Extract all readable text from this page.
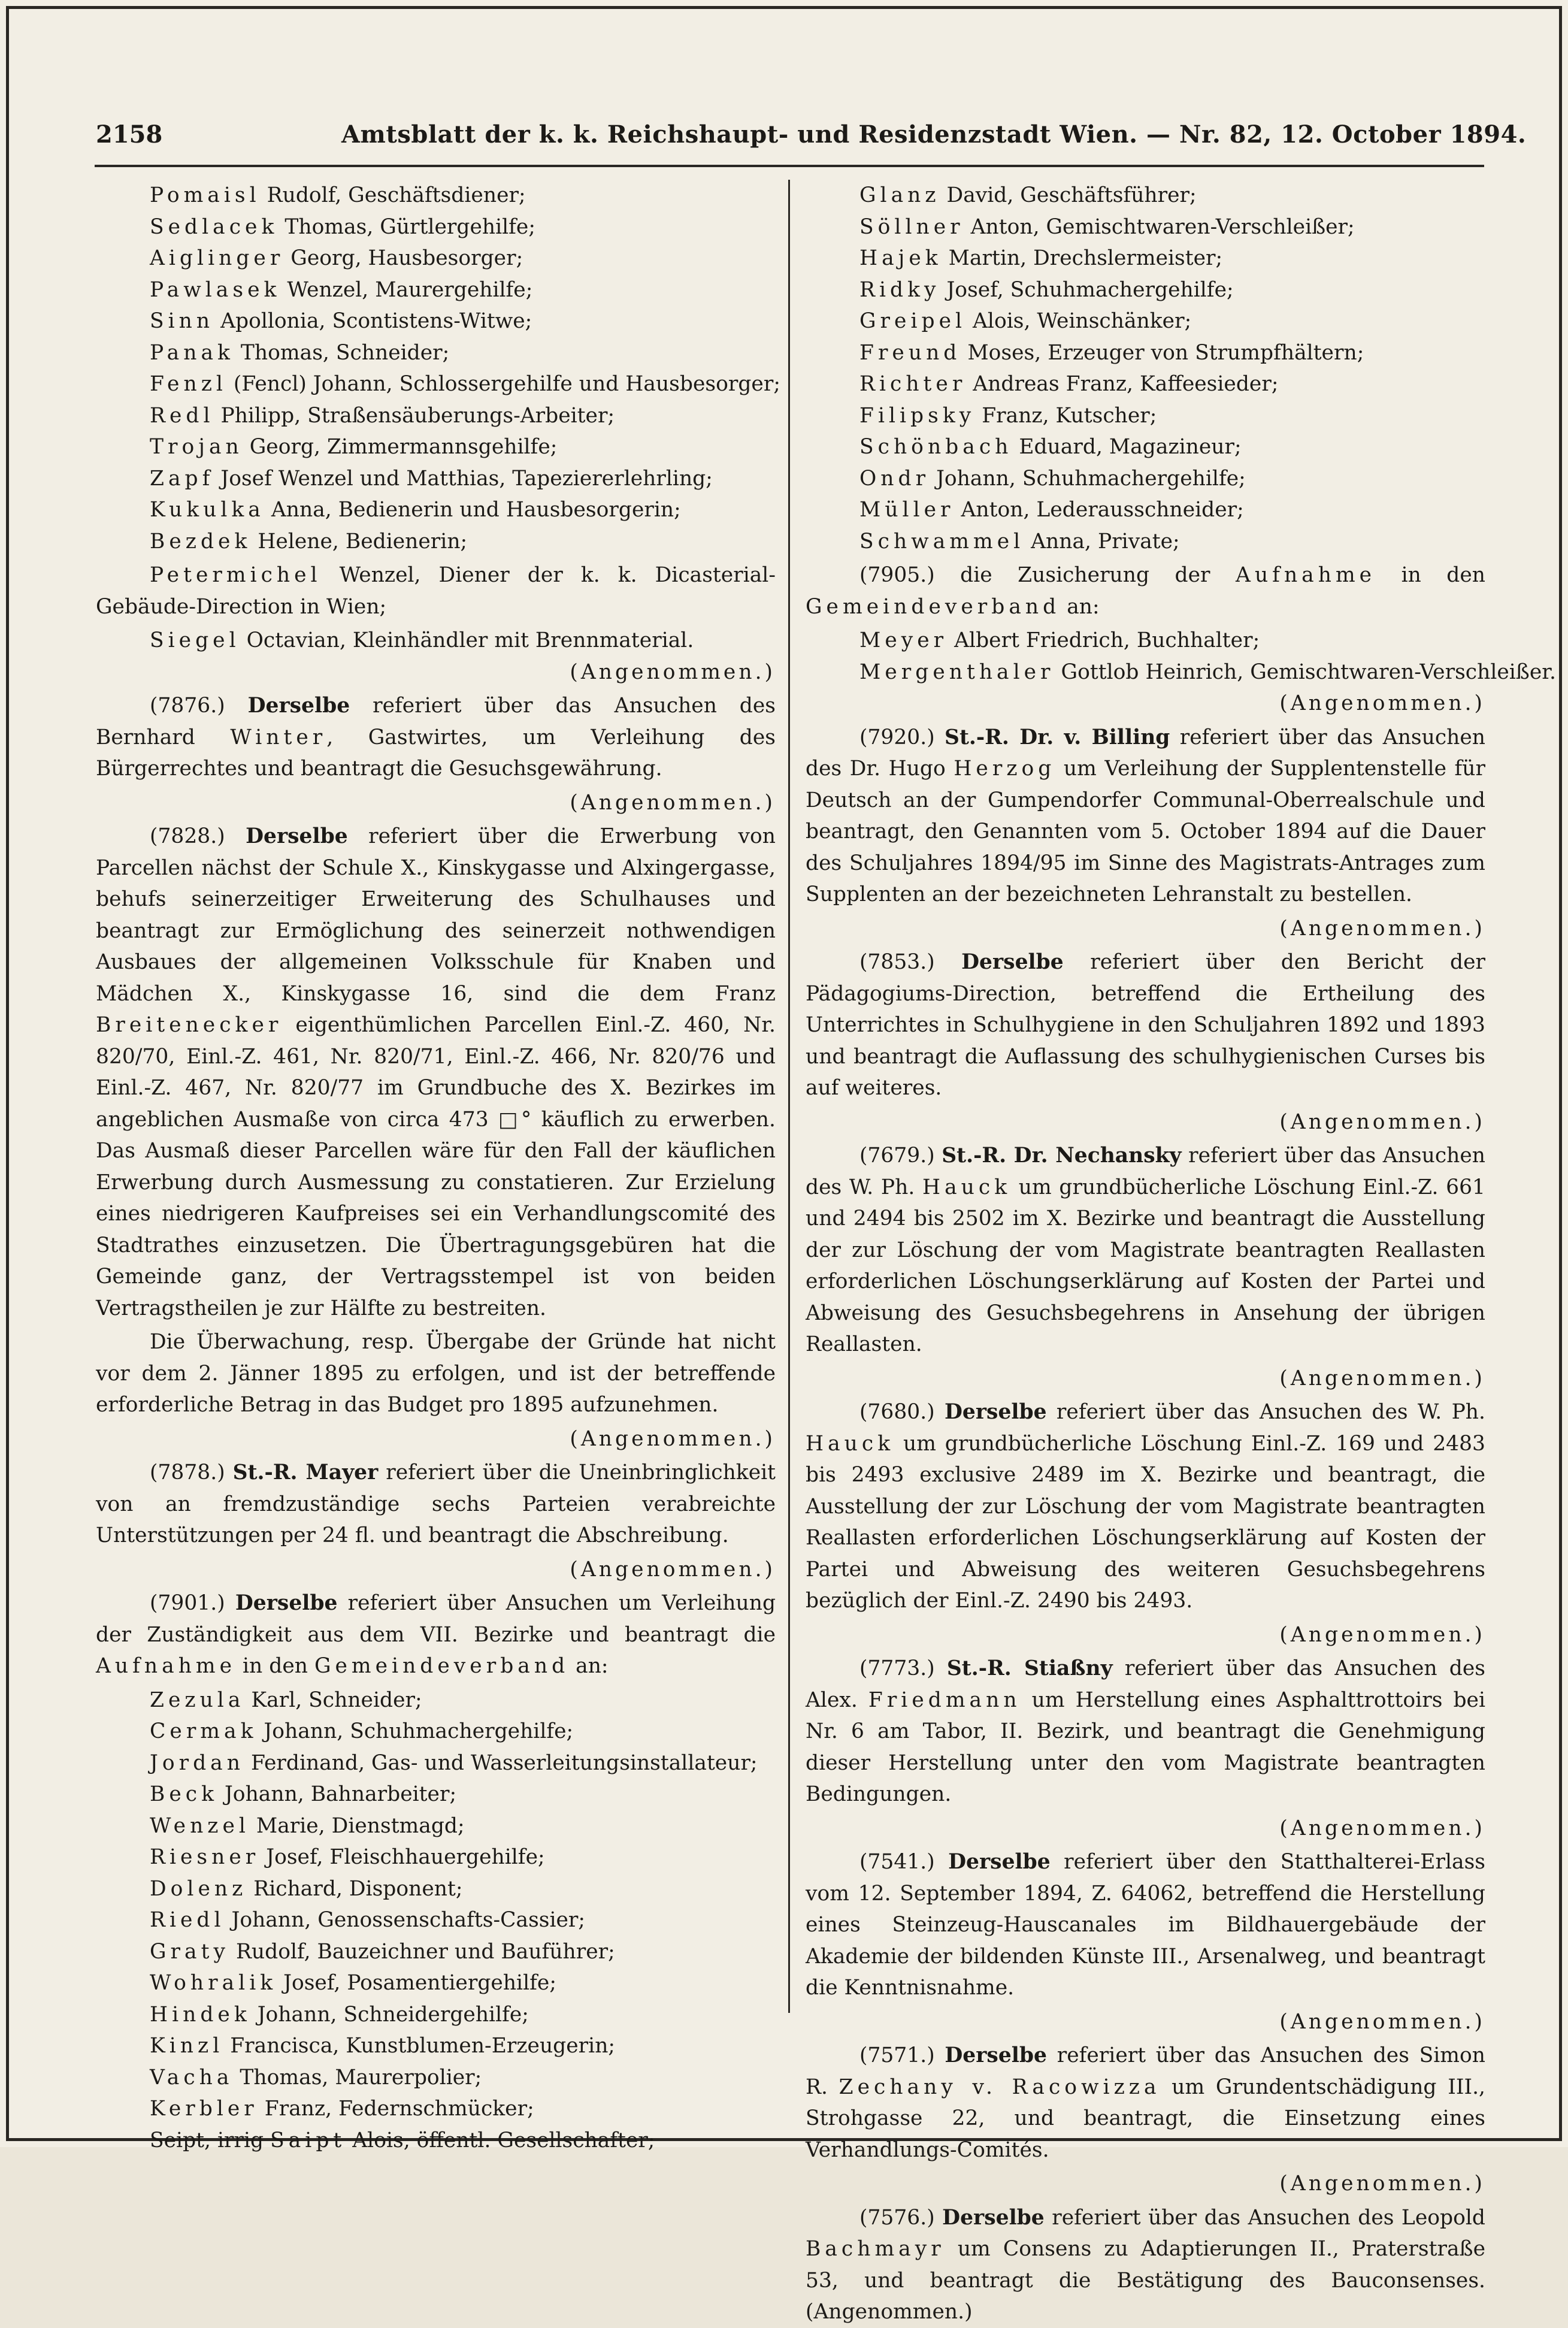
2158	Amtsblatt der k. k. Reichshaupt- und Residenzstadt Wien. — Nr. 82, 12. October 1894.
Pomaisl Rudolf, Geschäftsdiener;
Sedlacek Thomas, Gürtlergehilfe;
Aiglinger Georg, Hausbesorger;
Pawlasek Wenzel, Maurergehilfe;
Sinn Apollonia, Scontistens-Witwe;
Panak Thomas, Schneider;
Fenzl (Fencl) Johann, Schlossergehilfe und Hausbesorger;
Redl Philipp, Straßensäuberungs-Arbeiter;
Trojan Georg, Zimmermannsgehilfe;
Zapf Josef Wenzel und Matthias, Tapeziererlehrling;
Kukulka Anna, Bedienerin und Hausbesorgerin;
Bezdek Helene, Bedienerin;
Petermichel Wenzel, Diener der k. k. Dicasterial-Gebäude-Direction in Wien;
Siegel Octavian, Kleinhändler mit Brennmaterial.
(Angenommen.)
(7876.) Derselbe referiert über das Ansuchen des Bernhard Winter, Gastwirtes, um Verleihung des Bürgerrechtes und beantragt die Gesuchsgewährung.
(Angenommen.)
(7828.) Derselbe referiert über die Erwerbung von Parcellen nächst der Schule X., Kinskygasse und Alxingergasse, behufs seinerzeitiger Erweiterung des Schulhauses und beantragt zur Ermöglichung des seinerzeit nothwendigen Ausbaues der allgemeinen Volksschule für Knaben und Mädchen X., Kinskygasse 16, sind die dem Franz Breitenecker eigenthümlichen Parcellen Einl.-Z. 460, Nr. 820/70, Einl.-Z. 461, Nr. 820/71, Einl.-Z. 466, Nr. 820/76 und Einl.-Z. 467, Nr. 820/77 im Grundbuche des X. Bezirkes im angeblichen Ausmaße von circa 473 □° käuflich zu erwerben. Das Ausmaß dieser Parcellen wäre für den Fall der käuflichen Erwerbung durch Ausmessung zu constatieren. Zur Erzielung eines niedrigeren Kaufpreises sei ein Verhandlungscomité des Stadtrathes einzusetzen. Die Übertragungsgebüren hat die Gemeinde ganz, der Vertragsstempel ist von beiden Vertragstheilen je zur Hälfte zu bestreiten.
Die Überwachung, resp. Übergabe der Gründe hat nicht vor dem 2. Jänner 1895 zu erfolgen, und ist der betreffende erforderliche Betrag in das Budget pro 1895 aufzunehmen.
(Angenommen.)
(7878.) St.-R. Mayer referiert über die Uneinbringlichkeit von an fremdzuständige sechs Parteien verabreichte Unterstützungen per 24 fl. und beantragt die Abschreibung.
(Angenommen.)
(7901.) Derselbe referiert über Ansuchen um Verleihung der Zuständigkeit aus dem VII. Bezirke und beantragt die Aufnahme in den Gemeindeverband an:
Zezula Karl, Schneider;
Cermak Johann, Schuhmachergehilfe;
Jordan Ferdinand, Gas- und Wasserleitungsinstallateur;
Beck Johann, Bahnarbeiter;
Wenzel Marie, Dienstmagd;
Riesner Josef, Fleischhauergehilfe;
Dolenz Richard, Disponent;
Riedl Johann, Genossenschafts-Cassier;
Graty Rudolf, Bauzeichner und Bauführer;
Wohralik Josef, Posamentiergehilfe;
Hindek Johann, Schneidergehilfe;
Kinzl Francisca, Kunstblumen-Erzeugerin;
Vacha Thomas, Maurerpolier;
Kerbler Franz, Federnschmücker;
Seipt, irrig Saipt Alois, öffentl. Gesellschafter;
Glanz David, Geschäftsführer;
Söllner Anton, Gemischtwaren-Verschleißer;
Hajek Martin, Drechslermeister;
Ridky Josef, Schuhmachergehilfe;
Greipel Alois, Weinschänker;
Freund Moses, Erzeuger von Strumpfhältern;
Richter Andreas Franz, Kaffeesieder;
Filipsky Franz, Kutscher;
Schönbach Eduard, Magazineur;
Ondr Johann, Schuhmachergehilfe;
Müller Anton, Lederausschneider;
Schwammel Anna, Private;
(7905.) die Zusicherung der Aufnahme in den Gemeindeverband an:
Meyer Albert Friedrich, Buchhalter;
Mergenthaler Gottlob Heinrich, Gemischtwaren-Verschleißer.
(Angenommen.)
(7920.) St.-R. Dr. v. Billing referiert über das Ansuchen des Dr. Hugo Herzog um Verleihung der Supplentenstelle für Deutsch an der Gumpendorfer Communal-Oberrealschule und beantragt, den Genannten vom 5. October 1894 auf die Dauer des Schuljahres 1894/95 im Sinne des Magistrats-Antrages zum Supplenten an der bezeichneten Lehranstalt zu bestellen.
(Angenommen.)
(7853.) Derselbe referiert über den Bericht der Pädagogiums-Direction, betreffend die Ertheilung des Unterrichtes in Schulhygiene in den Schuljahren 1892 und 1893 und beantragt die Auflassung des schulhygienischen Curses bis auf weiteres.
(Angenommen.)
(7679.) St.-R. Dr. Nechansky referiert über das Ansuchen des W. Ph. Hauck um grundbücherliche Löschung Einl.-Z. 661 und 2494 bis 2502 im X. Bezirke und beantragt die Ausstellung der zur Löschung der vom Magistrate beantragten Reallasten erforderlichen Löschungserklärung auf Kosten der Partei und Abweisung des Gesuchsbegehrens in Ansehung der übrigen Reallasten.
(Angenommen.)
(7680.) Derselbe referiert über das Ansuchen des W. Ph. Hauck um grundbücherliche Löschung Einl.-Z. 169 und 2483 bis 2493 exclusive 2489 im X. Bezirke und beantragt, die Ausstellung der zur Löschung der vom Magistrate beantragten Reallasten erforderlichen Löschungserklärung auf Kosten der Partei und Abweisung des weiteren Gesuchsbegehrens bezüglich der Einl.-Z. 2490 bis 2493.
(Angenommen.)
(7773.) St.-R. Stiaßny referiert über das Ansuchen des Alex. Friedmann um Herstellung eines Asphalttrottoirs bei Nr. 6 am Tabor, II. Bezirk, und beantragt die Genehmigung dieser Herstellung unter den vom Magistrate beantragten Bedingungen.
(Angenommen.)
(7541.) Derselbe referiert über den Statthalterei-Erlass vom 12. September 1894, Z. 64062, betreffend die Herstellung eines Steinzeug-Hauscanales im Bildhauergebäude der Akademie der bildenden Künste III., Arsenalweg, und beantragt die Kenntnisnahme.
(Angenommen.)
(7571.) Derselbe referiert über das Ansuchen des Simon R. Zechany v. Racowizza um Grundentschädigung III., Strohgasse 22, und beantragt, die Einsetzung eines Verhandlungs-Comités.
(Angenommen.)
(7576.) Derselbe referiert über das Ansuchen des Leopold Bachmayr um Consens zu Adaptierungen II., Praterstraße 53, und beantragt die Bestätigung des Bauconsenses. (Angenommen.)
